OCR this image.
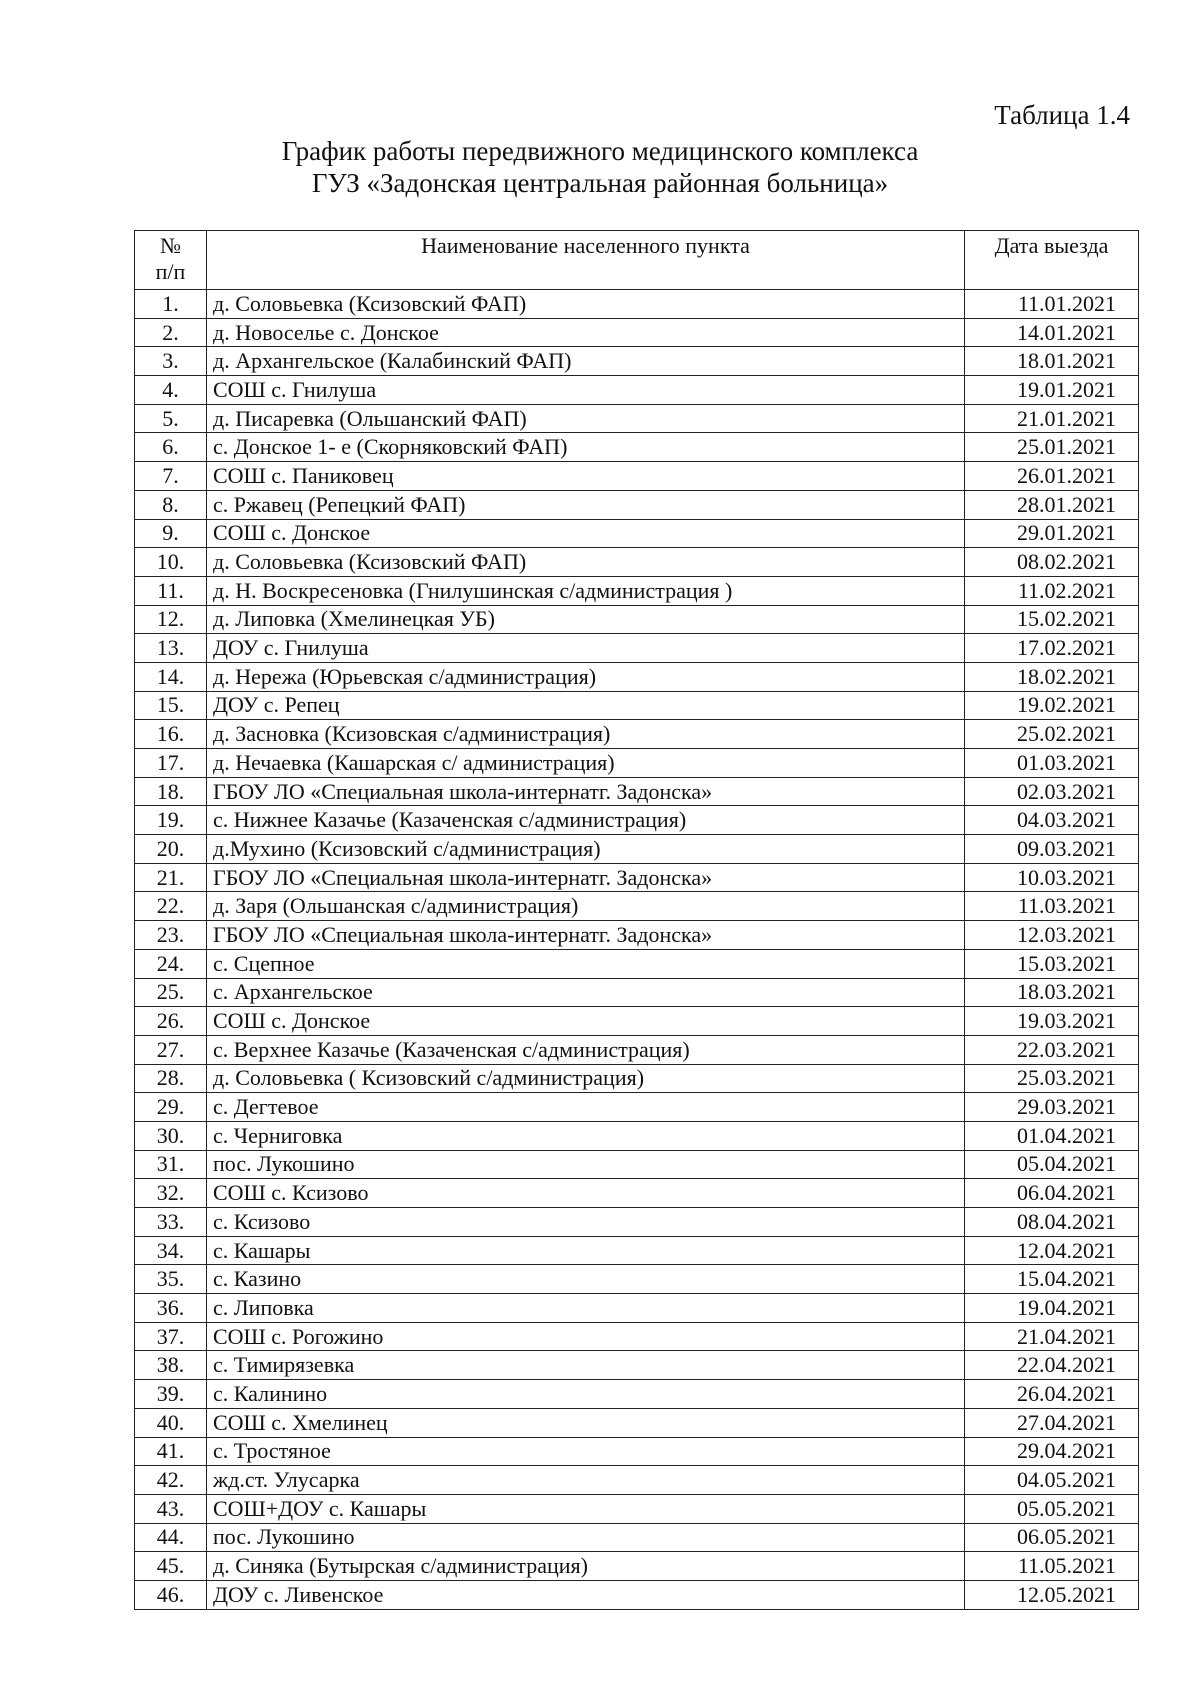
Таблица 1.4
График работы передвижного медицинского комплекса
ГУЗ «Задонская центральная районная больница»
№
п/п	Наименование населенного пункта	Дата выезда
1.	д. Соловьевка (Ксизовский ФАП)	11.01.2021
2.	д. Новоселье с. Донское	14.01.2021
3.	д. Архангельское (Калабинский ФАП)	18.01.2021
4.	СОШ с. Гнилуша	19.01.2021
5.	д. Писаревка (Ольшанский ФАП)	21.01.2021
6.	с. Донское 1- е (Скорняковский ФАП)	25.01.2021
7.	СОШ с. Паниковец	26.01.2021
8.	с. Ржавец (Репецкий ФАП)	28.01.2021
9.	СОШ с. Донское	29.01.2021
10.	д. Соловьевка (Ксизовский ФАП)	08.02.2021
11.	д. Н. Воскресеновка (Гнилушинская с/администрация )	11.02.2021
12.	д. Липовка (Хмелинецкая УБ)	15.02.2021
13.	ДОУ с. Гнилуша	17.02.2021
14.	д. Нережа (Юрьевская с/администрация)	18.02.2021
15.	ДОУ с. Репец	19.02.2021
16.	д. Засновка (Ксизовская с/администрация)	25.02.2021
17.	д. Нечаевка (Кашарская с/ администрация)	01.03.2021
18.	ГБОУ ЛО «Специальная школа-интернатг. Задонска»	02.03.2021
19.	с. Нижнее Казачье (Казаченская с/администрация)	04.03.2021
20.	д.Мухино (Ксизовский с/администрация)	09.03.2021
21.	ГБОУ ЛО «Специальная школа-интернатг. Задонска»	10.03.2021
22.	д. Заря (Ольшанская с/администрация)	11.03.2021
23.	ГБОУ ЛО «Специальная школа-интернатг. Задонска»	12.03.2021
24.	с. Сцепное	15.03.2021
25.	с. Архангельское	18.03.2021
26.	СОШ с. Донское	19.03.2021
27.	с. Верхнее Казачье (Казаченская с/администрация)	22.03.2021
28.	д. Соловьевка ( Ксизовский с/администрация)	25.03.2021
29.	с. Дегтевое	29.03.2021
30.	с. Черниговка	01.04.2021
31.	пос. Лукошино	05.04.2021
32.	СОШ с. Ксизово	06.04.2021
33.	с. Ксизово	08.04.2021
34.	с. Кашары	12.04.2021
35.	с. Казино	15.04.2021
36.	с. Липовка	19.04.2021
37.	СОШ с. Рогожино	21.04.2021
38.	с. Тимирязевка	22.04.2021
39.	с. Калинино	26.04.2021
40.	СОШ с. Хмелинец	27.04.2021
41.	с. Тростяное	29.04.2021
42.	жд.ст. Улусарка	04.05.2021
43.	СОШ+ДОУ с. Кашары	05.05.2021
44.	пос. Лукошино	06.05.2021
45.	д. Синяка (Бутырская с/администрация)	11.05.2021
46.	ДОУ с. Ливенское	12.05.2021
